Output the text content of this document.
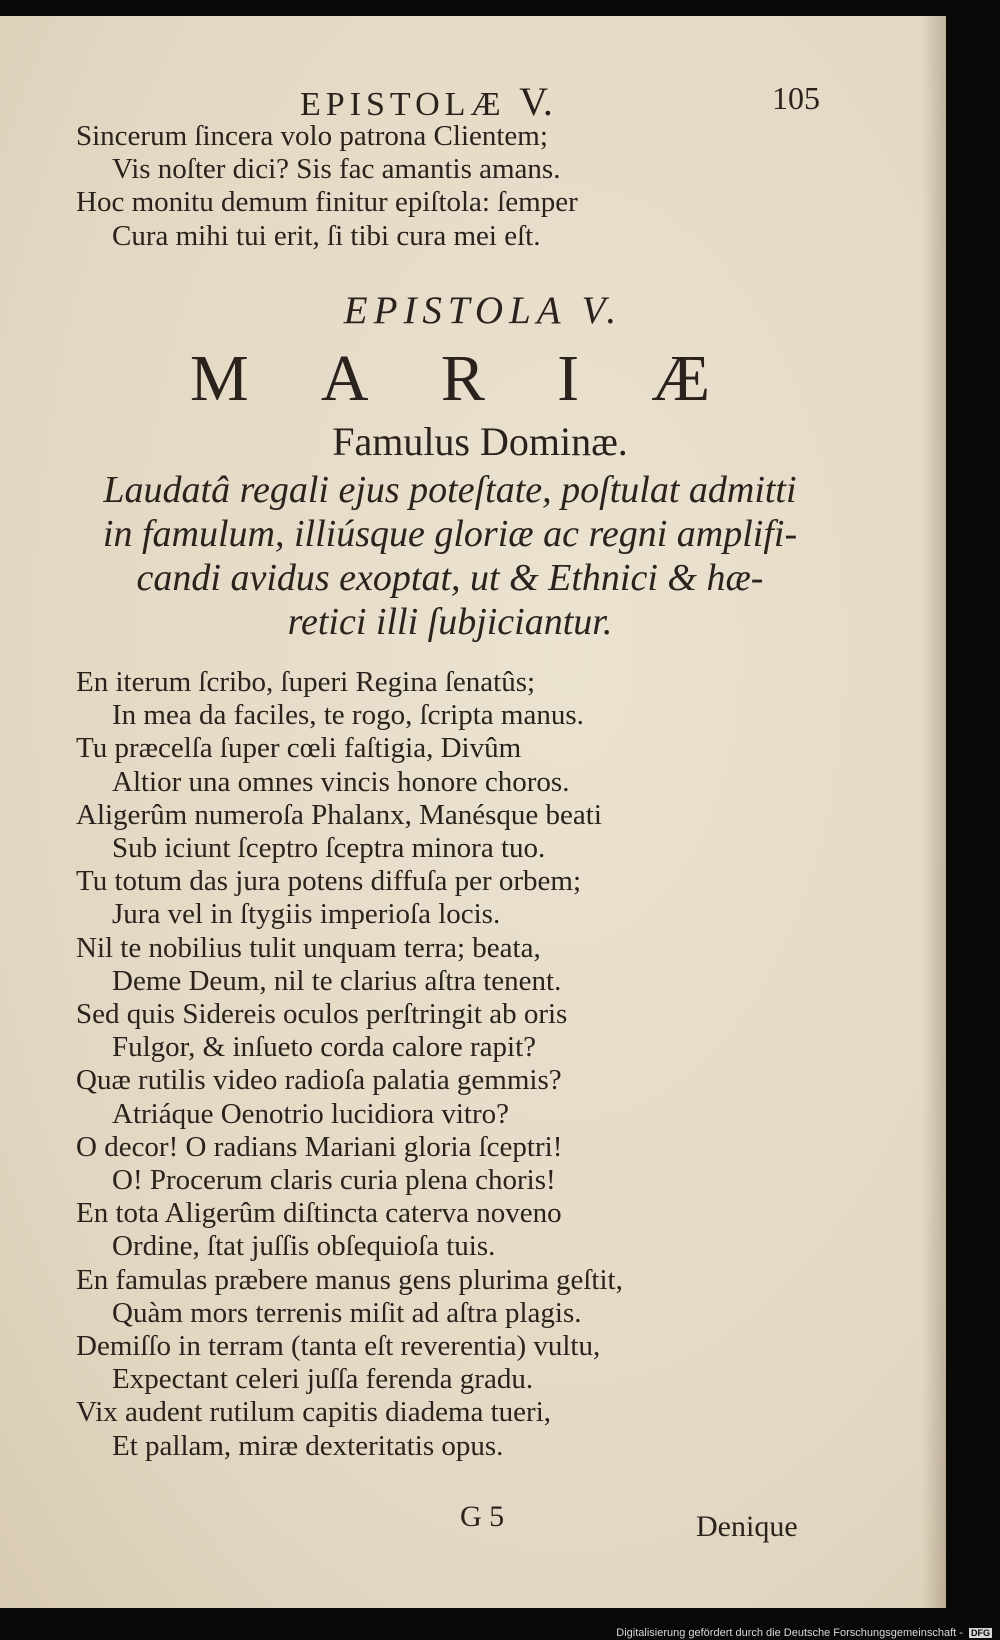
EPISTOLÆ V.	105
Sincerum ſincera volo patrona Clientem;
Vis noſter dici? Sis fac amantis amans.
Hoc monitu demum finitur epiſtola: ſemper
Cura mihi tui erit, ſi tibi cura mei eſt.
EPISTOLA V.
M A R I Æ
Famulus Dominæ.
Laudatâ regali ejus poteſtate, poſtulat admitti
in famulum, illiúsque gloriæ ac regni amplifi-
candi avidus exoptat, ut & Ethnici & hæ-
retici illi ſubjiciantur.
En iterum ſcribo, ſuperi Regina ſenatûs;
In mea da faciles, te rogo, ſcripta manus.
Tu præcelſa ſuper cœli faſtigia, Divûm
Altior una omnes vincis honore choros.
Aligerûm numeroſa Phalanx, Manésque beati
Sub iciunt ſceptro ſceptra minora tuo.
Tu totum das jura potens diffuſa per orbem;
Jura vel in ſtygiis imperioſa locis.
Nil te nobilius tulit unquam terra; beata,
Deme Deum, nil te clarius aſtra tenent.
Sed quis Sidereis oculos perſtringit ab oris
Fulgor, & inſueto corda calore rapit?
Quæ rutilis video radioſa palatia gemmis?
Atriáque Oenotrio lucidiora vitro?
O decor! O radians Mariani gloria ſceptri!
O! Procerum claris curia plena choris!
En tota Aligerûm diſtincta caterva noveno
Ordine, ſtat juſſis obſequioſa tuis.
En famulas præbere manus gens plurima geſtit,
Quàm mors terrenis miſit ad aſtra plagis.
Demiſſo in terram (tanta eſt reverentia) vultu,
Expectant celeri juſſa ferenda gradu.
Vix audent rutilum capitis diadema tueri,
Et pallam, miræ dexteritatis opus.
G 5	Denique
Digitalisierung gefördert durch die Deutsche Forschungsgemeinschaft - DFG
